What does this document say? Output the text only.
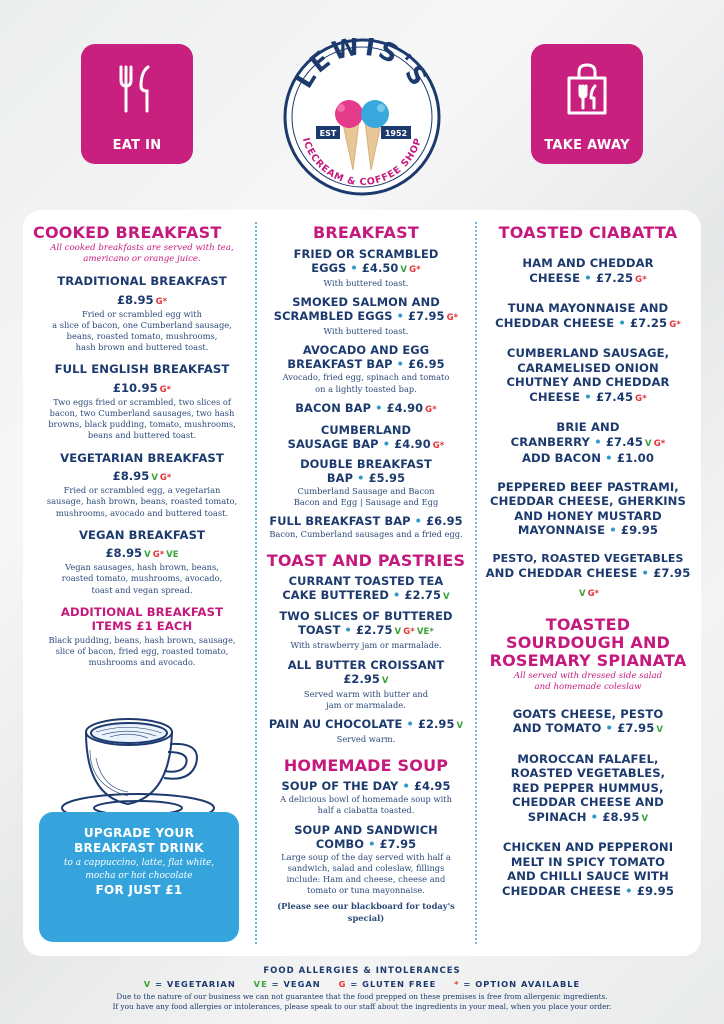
EAT IN	TAKE AWAY
LEWIS'S
ICECREAM & COFFEE SHOP
EST	1952
COOKED BREAKFAST
All cooked breakfasts are served with tea,
americano or orange juice.
TRADITIONAL BREAKFAST
£8.95 G*
Fried or scrambled egg with
a slice of bacon, one Cumberland sausage,
beans, roasted tomato, mushrooms,
hash brown and buttered toast.
FULL ENGLISH BREAKFAST
£10.95 G*
Two eggs fried or scrambled, two slices of
bacon, two Cumberland sausages, two hash
browns, black pudding, tomato, mushrooms,
beans and buttered toast.
VEGETARIAN BREAKFAST
£8.95 V G*
Fried or scrambled egg, a vegetarian
sausage, hash brown, beans, roasted tomato,
mushrooms, avocado and buttered toast.
VEGAN BREAKFAST
£8.95 V G* VE
Vegan sausages, hash brown, beans,
roasted tomato, mushrooms, avocado,
toast and vegan spread.
ADDITIONAL BREAKFAST
ITEMS £1 EACH
Black pudding, beans, hash brown, sausage,
slice of bacon, fried egg, roasted tomato,
mushrooms and avocado.
BREAKFAST
FRIED OR SCRAMBLED
EGGS • £4.50 V G*
With buttered toast.
SMOKED SALMON AND
SCRAMBLED EGGS • £7.95 G*
With buttered toast.
AVOCADO AND EGG
BREAKFAST BAP • £6.95
Avocado, fried egg, spinach and tomato
on a lightly toasted bap.
BACON BAP • £4.90 G*
CUMBERLAND
SAUSAGE BAP • £4.90 G*
DOUBLE BREAKFAST
BAP • £5.95
Cumberland Sausage and Bacon
Bacon and Egg | Sausage and Egg
FULL BREAKFAST BAP • £6.95
Bacon, Cumberland sausages and a fried egg.
TOAST AND PASTRIES
CURRANT TOASTED TEA
CAKE BUTTERED • £2.75 V
TWO SLICES OF BUTTERED
TOAST • £2.75 V G* VE*
With strawberry jam or marmalade.
ALL BUTTER CROISSANT
£2.95 V
Served warm with butter and
jam or marmalade.
PAIN AU CHOCOLATE • £2.95 V
Served warm.
HOMEMADE SOUP
SOUP OF THE DAY • £4.95
A delicious bowl of homemade soup with
half a ciabatta toasted.
SOUP AND SANDWICH
COMBO • £7.95
Large soup of the day served with half a
sandwich, salad and coleslaw, fillings
include: Ham and cheese, cheese and
tomato or tuna mayonnaise.
(Please see our blackboard for today's special)
TOASTED CIABATTA
HAM AND CHEDDAR
CHEESE • £7.25 G*
TUNA MAYONNAISE AND
CHEDDAR CHEESE • £7.25 G*
CUMBERLAND SAUSAGE,
CARAMELISED ONION
CHUTNEY AND CHEDDAR
CHEESE • £7.45 G*
BRIE AND
CRANBERRY • £7.45 V G*
ADD BACON • £1.00
PEPPERED BEEF PASTRAMI,
CHEDDAR CHEESE, GHERKINS
AND HONEY MUSTARD
MAYONNAISE • £9.95
PESTO, ROASTED VEGETABLES
AND CHEDDAR CHEESE • £7.95
V G*
TOASTED
SOURDOUGH AND
ROSEMARY SPIANATA
All served with dressed side salad
and homemade coleslaw
GOATS CHEESE, PESTO
AND TOMATO • £7.95 V
MOROCCAN FALAFEL,
ROASTED VEGETABLES,
RED PEPPER HUMMUS,
CHEDDAR CHEESE AND
SPINACH • £8.95 V
CHICKEN AND PEPPERONI
MELT IN SPICY TOMATO
AND CHILLI SAUCE WITH
CHEDDAR CHEESE • £9.95
UPGRADE YOUR
BREAKFAST DRINK
to a cappuccino, latte, flat white,
mocha or hot chocolate
FOR JUST £1
FOOD ALLERGIES & INTOLERANCES
V = VEGETARIAN VE = VEGAN G = GLUTEN FREE * = OPTION AVAILABLE
Due to the nature of our business we can not guarantee that the food prepped on these premises is free from allergenic ingredients.
If you have any food allergies or intolerances, please speak to our staff about the ingredients in your meal, when you place your order.
